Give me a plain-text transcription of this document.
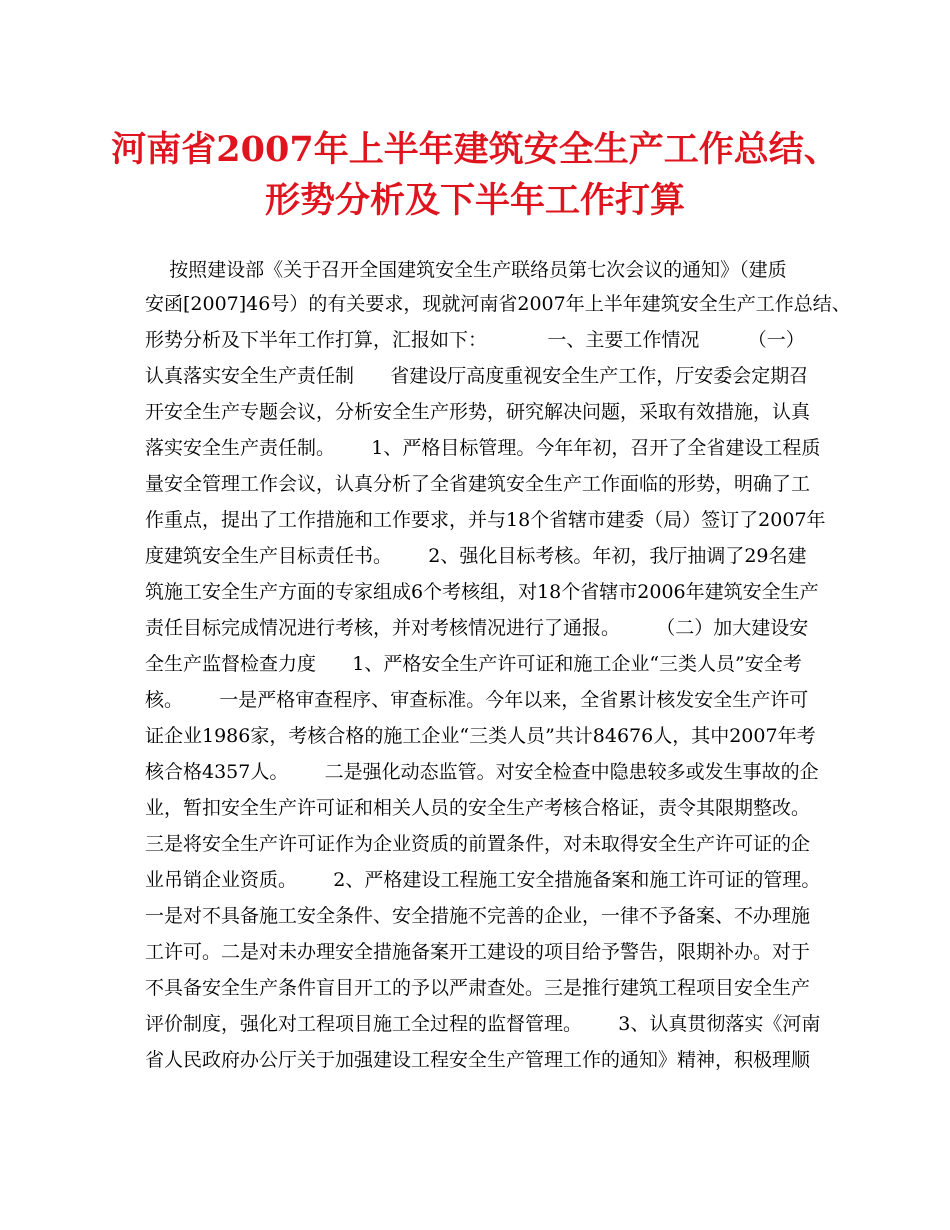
河南省2007年上半年建筑安全生产工作总结、
形势分析及下半年工作打算
按照建设部《关于召开全国建筑安全生产联络员第七次会议的通知》（建质
安函[2007]46号）的有关要求，现就河南省2007年上半年建筑安全生产工作总结、
形势分析及下半年工作打算，汇报如下：          一、主要工作情况        （一）
认真落实安全生产责任制      省建设厅高度重视安全生产工作，厅安委会定期召
开安全生产专题会议，分析安全生产形势，研究解决问题，采取有效措施，认真
落实安全生产责任制。      1、严格目标管理。今年年初，召开了全省建设工程质
量安全管理工作会议，认真分析了全省建筑安全生产工作面临的形势，明确了工
作重点，提出了工作措施和工作要求，并与18个省辖市建委（局）签订了2007年
度建筑安全生产目标责任书。      2、强化目标考核。年初，我厅抽调了29名建
筑施工安全生产方面的专家组成6个考核组，对18个省辖市2006年建筑安全生产
责任目标完成情况进行考核，并对考核情况进行了通报。      （二）加大建设安
全生产监督检查力度      1、严格安全生产许可证和施工企业“三类人员”安全考
核。      一是严格审查程序、审查标准。今年以来，全省累计核发安全生产许可
证企业1986家，考核合格的施工企业“三类人员”共计84676人，其中2007年考
核合格4357人。      二是强化动态监管。对安全检查中隐患较多或发生事故的企
业，暂扣安全生产许可证和相关人员的安全生产考核合格证，责令其限期整改。
三是将安全生产许可证作为企业资质的前置条件，对未取得安全生产许可证的企
业吊销企业资质。      2、严格建设工程施工安全措施备案和施工许可证的管理。
一是对不具备施工安全条件、安全措施不完善的企业，一律不予备案、不办理施
工许可。二是对未办理安全措施备案开工建设的项目给予警告，限期补办。对于
不具备安全生产条件盲目开工的予以严肃查处。三是推行建筑工程项目安全生产
评价制度，强化对工程项目施工全过程的监督管理。      3、认真贯彻落实《河南
省人民政府办公厅关于加强建设工程安全生产管理工作的通知》精神，积极理顺
